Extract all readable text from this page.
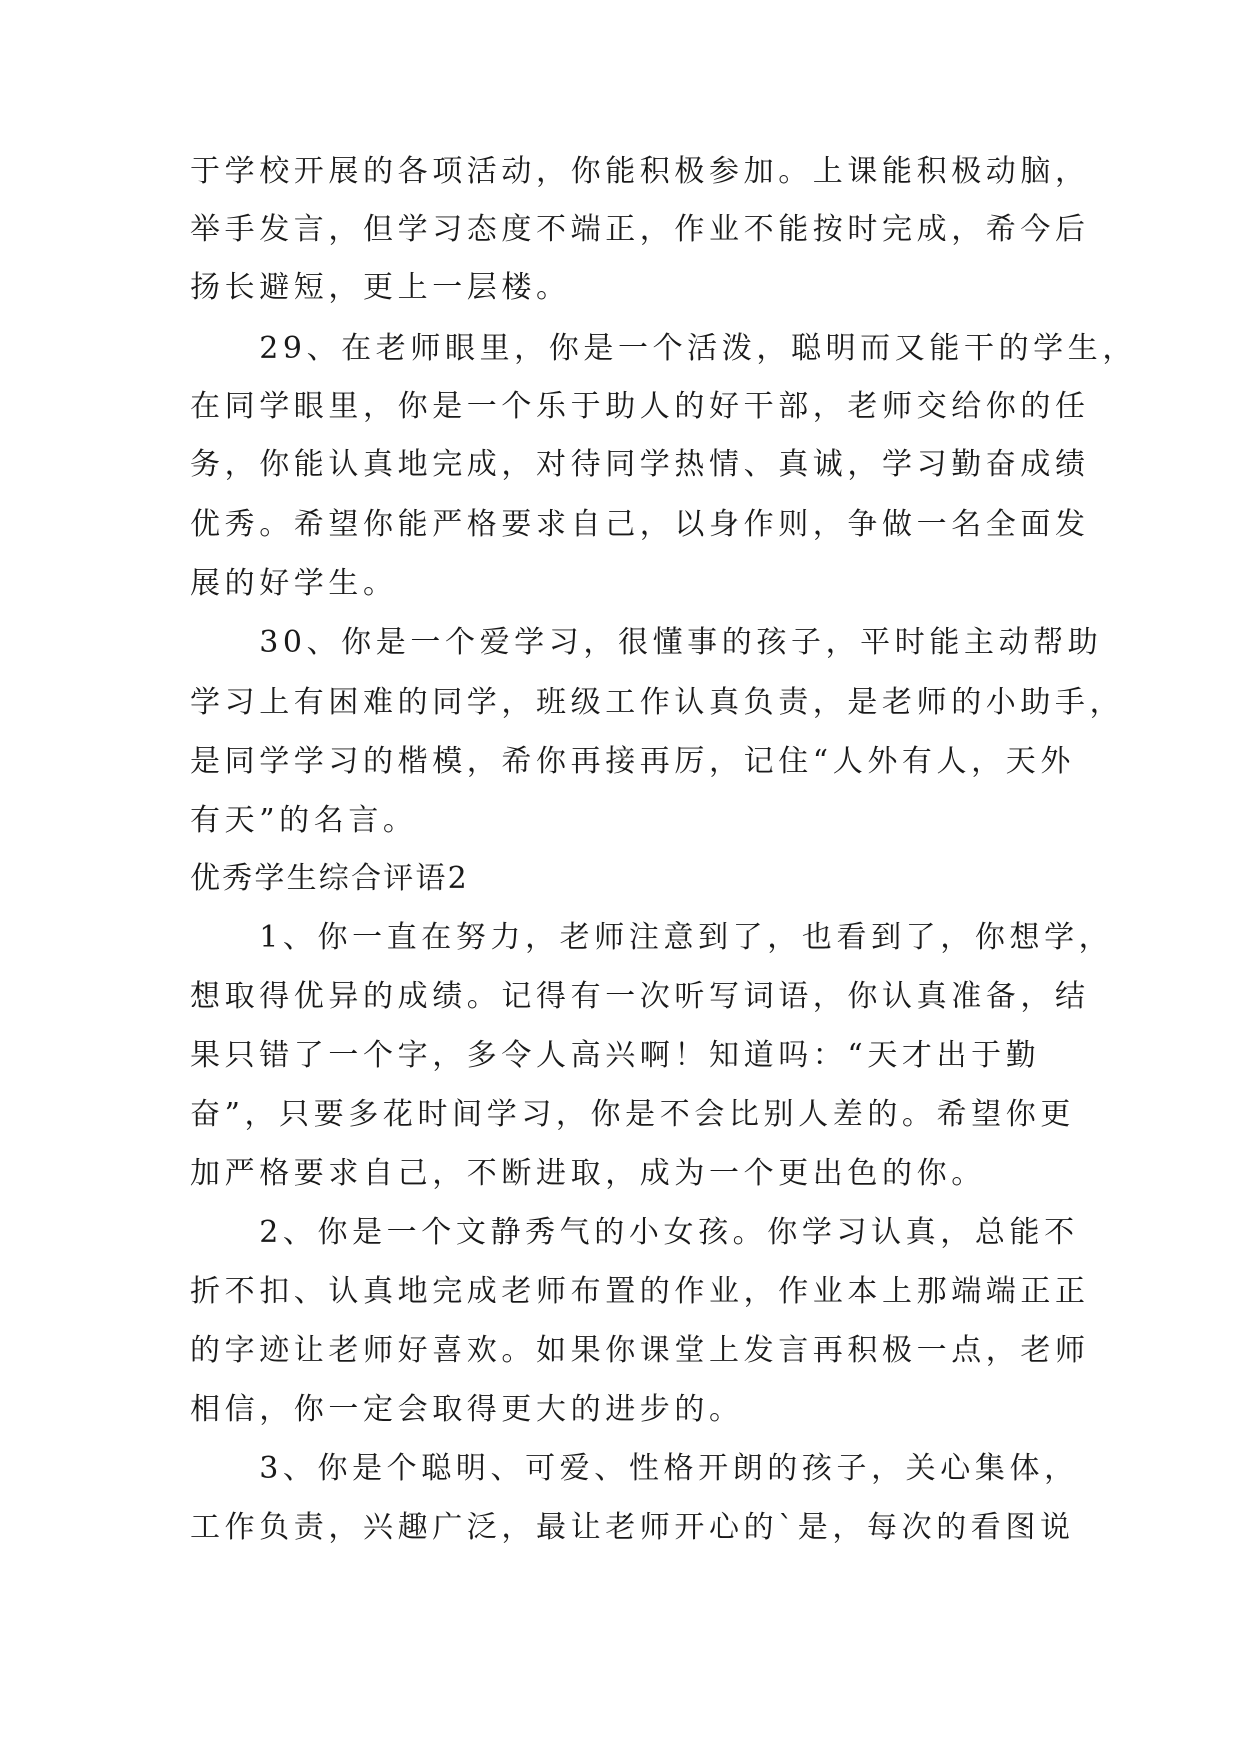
于学校开展的各项活动，你能积极参加。上课能积极动脑，
举手发言，但学习态度不端正，作业不能按时完成，希今后
扬长避短，更上一层楼。
　　29、在老师眼里，你是一个活泼，聪明而又能干的学生，
在同学眼里，你是一个乐于助人的好干部，老师交给你的任
务，你能认真地完成，对待同学热情、真诚，学习勤奋成绩
优秀。希望你能严格要求自己，以身作则，争做一名全面发
展的好学生。
　　30、你是一个爱学习，很懂事的孩子，平时能主动帮助
学习上有困难的同学，班级工作认真负责，是老师的小助手，
是同学学习的楷模，希你再接再厉，记住“人外有人，天外
有天”的名言。
优秀学生综合评语2
　　1、你一直在努力，老师注意到了，也看到了，你想学，
想取得优异的成绩。记得有一次听写词语，你认真准备，结
果只错了一个字，多令人高兴啊！知道吗：“天才出于勤
奋”，只要多花时间学习，你是不会比别人差的。希望你更
加严格要求自己，不断进取，成为一个更出色的你。
　　2、你是一个文静秀气的小女孩。你学习认真，总能不
折不扣、认真地完成老师布置的作业，作业本上那端端正正
的字迹让老师好喜欢。如果你课堂上发言再积极一点，老师
相信，你一定会取得更大的进步的。
　　3、你是个聪明、可爱、性格开朗的孩子，关心集体，
工作负责，兴趣广泛，最让老师开心的`是，每次的看图说
